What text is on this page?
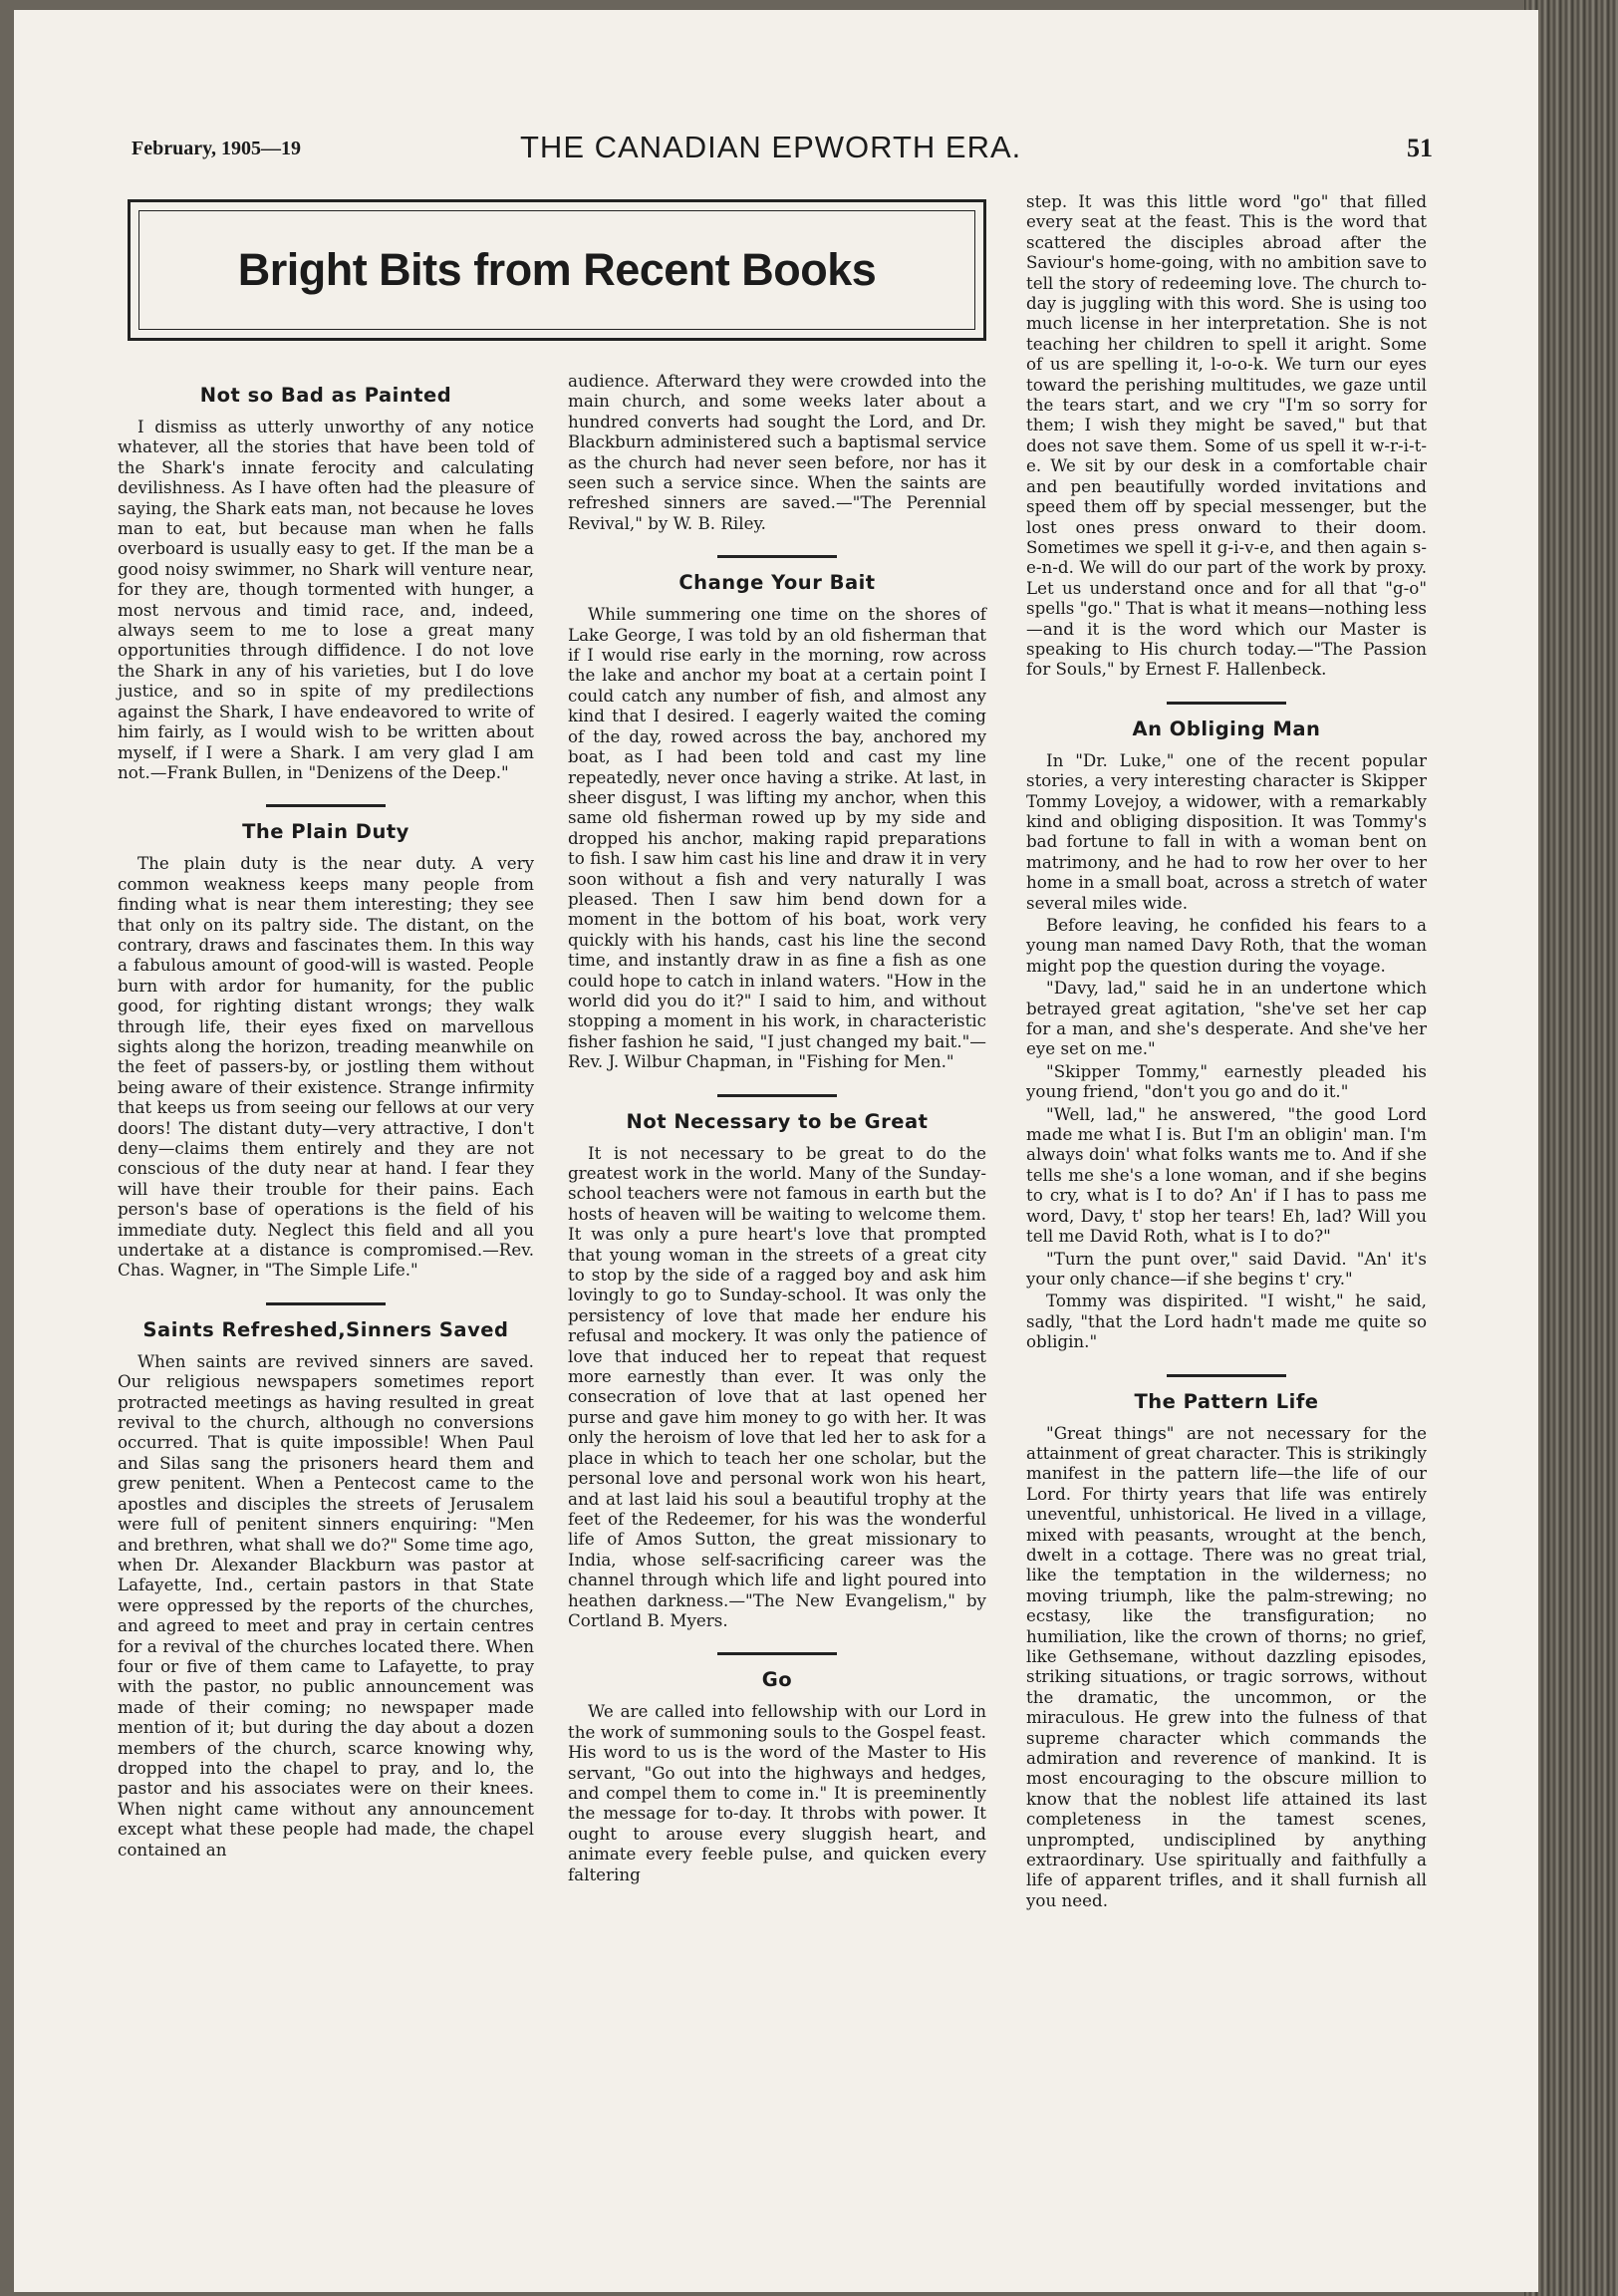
February, 1905—19	THE CANADIAN EPWORTH ERA.	51
Bright Bits from Recent Books
Not so Bad as Painted

I dismiss as utterly unworthy of any notice whatever, all the stories that have been told of the Shark's innate ferocity and calculating devilishness. As I have often had the pleasure of saying, the Shark eats man, not because he loves man to eat, but because man when he falls overboard is usually easy to get. If the man be a good noisy swimmer, no Shark will venture near, for they are, though tormented with hunger, a most nervous and timid race, and, indeed, always seem to me to lose a great many opportunities through diffidence. I do not love the Shark in any of his varieties, but I do love justice, and so in spite of my predilections against the Shark, I have endeavored to write of him fairly, as I would wish to be written about myself, if I were a Shark. I am very glad I am not.—Frank Bullen, in "Denizens of the Deep."

The Plain Duty

The plain duty is the near duty. A very common weakness keeps many people from finding what is near them interesting; they see that only on its paltry side. The distant, on the contrary, draws and fascinates them. In this way a fabulous amount of good-will is wasted. People burn with ardor for humanity, for the public good, for righting distant wrongs; they walk through life, their eyes fixed on marvellous sights along the horizon, treading meanwhile on the feet of passers-by, or jostling them without being aware of their existence. Strange infirmity that keeps us from seeing our fellows at our very doors! The distant duty—very attractive, I don't deny—claims them entirely and they are not conscious of the duty near at hand. I fear they will have their trouble for their pains. Each person's base of operations is the field of his immediate duty. Neglect this field and all you undertake at a distance is compromised.—Rev. Chas. Wagner, in "The Simple Life."

Saints Refreshed,Sinners Saved

When saints are revived sinners are saved. Our religious newspapers sometimes report protracted meetings as having resulted in great revival to the church, although no conversions occurred. That is quite impossible! When Paul and Silas sang the prisoners heard them and grew penitent. When a Pentecost came to the apostles and disciples the streets of Jerusalem were full of penitent sinners enquiring: "Men and brethren, what shall we do?" Some time ago, when Dr. Alexander Blackburn was pastor at Lafayette, Ind., certain pastors in that State were oppressed by the reports of the churches, and agreed to meet and pray in certain centres for a revival of the churches located there. When four or five of them came to Lafayette, to pray with the pastor, no public announcement was made of their coming; no newspaper made mention of it; but during the day about a dozen members of the church, scarce knowing why, dropped into the chapel to pray, and lo, the pastor and his associates were on their knees. When night came without any announcement except what these people had made, the chapel contained an

audience. Afterward they were crowded into the main church, and some weeks later about a hundred converts had sought the Lord, and Dr. Blackburn administered such a baptismal service as the church had never seen before, nor has it seen such a service since. When the saints are refreshed sinners are saved.—"The Perennial Revival," by W. B. Riley.

Change Your Bait

While summering one time on the shores of Lake George, I was told by an old fisherman that if I would rise early in the morning, row across the lake and anchor my boat at a certain point I could catch any number of fish, and almost any kind that I desired. I eagerly waited the coming of the day, rowed across the bay, anchored my boat, as I had been told and cast my line repeatedly, never once having a strike. At last, in sheer disgust, I was lifting my anchor, when this same old fisherman rowed up by my side and dropped his anchor, making rapid preparations to fish. I saw him cast his line and draw it in very soon without a fish and very naturally I was pleased. Then I saw him bend down for a moment in the bottom of his boat, work very quickly with his hands, cast his line the second time, and instantly draw in as fine a fish as one could hope to catch in inland waters. "How in the world did you do it?" I said to him, and without stopping a moment in his work, in characteristic fisher fashion he said, "I just changed my bait."—Rev. J. Wilbur Chapman, in "Fishing for Men."

Not Necessary to be Great

It is not necessary to be great to do the greatest work in the world. Many of the Sunday-school teachers were not famous in earth but the hosts of heaven will be waiting to welcome them. It was only a pure heart's love that prompted that young woman in the streets of a great city to stop by the side of a ragged boy and ask him lovingly to go to Sunday-school. It was only the persistency of love that made her endure his refusal and mockery. It was only the patience of love that induced her to repeat that request more earnestly than ever. It was only the consecration of love that at last opened her purse and gave him money to go with her. It was only the heroism of love that led her to ask for a place in which to teach her one scholar, but the personal love and personal work won his heart, and at last laid his soul a beautiful trophy at the feet of the Redeemer, for his was the wonderful life of Amos Sutton, the great missionary to India, whose self-sacrificing career was the channel through which life and light poured into heathen darkness.—"The New Evangelism," by Cortland B. Myers.

Go

We are called into fellowship with our Lord in the work of summoning souls to the Gospel feast. His word to us is the word of the Master to His servant, "Go out into the highways and hedges, and compel them to come in." It is preeminently the message for to-day. It throbs with power. It ought to arouse every sluggish heart, and animate every feeble pulse, and quicken every faltering

step. It was this little word "go" that filled every seat at the feast. This is the word that scattered the disciples abroad after the Saviour's home-going, with no ambition save to tell the story of redeeming love. The church to-day is juggling with this word. She is using too much license in her interpretation. She is not teaching her children to spell it aright. Some of us are spelling it, l-o-o-k. We turn our eyes toward the perishing multitudes, we gaze until the tears start, and we cry "I'm so sorry for them; I wish they might be saved," but that does not save them. Some of us spell it w-r-i-t-e. We sit by our desk in a comfortable chair and pen beautifully worded invitations and speed them off by special messenger, but the lost ones press onward to their doom. Sometimes we spell it g-i-v-e, and then again s-e-n-d. We will do our part of the work by proxy. Let us understand once and for all that "g-o" spells "go." That is what it means—nothing less—and it is the word which our Master is speaking to His church today.—"The Passion for Souls," by Ernest F. Hallenbeck.

An Obliging Man

In "Dr. Luke," one of the recent popular stories, a very interesting character is Skipper Tommy Lovejoy, a widower, with a remarkably kind and obliging disposition. It was Tommy's bad fortune to fall in with a woman bent on matrimony, and he had to row her over to her home in a small boat, across a stretch of water several miles wide.

Before leaving, he confided his fears to a young man named Davy Roth, that the woman might pop the question during the voyage.

"Davy, lad," said he in an undertone which betrayed great agitation, "she've set her cap for a man, and she's desperate. And she've her eye set on me."

"Skipper Tommy," earnestly pleaded his young friend, "don't you go and do it."

"Well, lad," he answered, "the good Lord made me what I is. But I'm an obligin' man. I'm always doin' what folks wants me to. And if she tells me she's a lone woman, and if she begins to cry, what is I to do? An' if I has to pass me word, Davy, t' stop her tears! Eh, lad? Will you tell me David Roth, what is I to do?"

"Turn the punt over," said David. "An' it's your only chance—if she begins t' cry."

Tommy was dispirited. "I wisht," he said, sadly, "that the Lord hadn't made me quite so obligin."

The Pattern Life

"Great things" are not necessary for the attainment of great character. This is strikingly manifest in the pattern life—the life of our Lord. For thirty years that life was entirely uneventful, unhistorical. He lived in a village, mixed with peasants, wrought at the bench, dwelt in a cottage. There was no great trial, like the temptation in the wilderness; no moving triumph, like the palm-strewing; no ecstasy, like the transfiguration; no humiliation, like the crown of thorns; no grief, like Gethsemane, without dazzling episodes, striking situations, or tragic sorrows, without the dramatic, the uncommon, or the miraculous. He grew into the fulness of that supreme character which commands the admiration and reverence of mankind. It is most encouraging to the obscure million to know that the noblest life attained its last completeness in the tamest scenes, unprompted, undisciplined by anything extraordinary. Use spiritually and faithfully a life of apparent trifles, and it shall furnish all you need.
